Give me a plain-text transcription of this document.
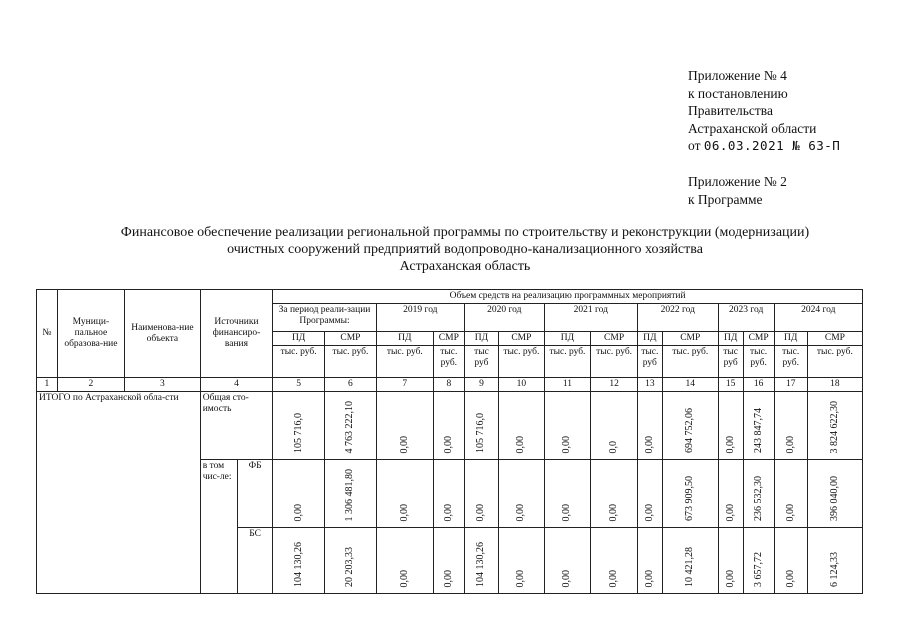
Приложение № 4
к постановлению
Правительства
Астраханской области
от 06.03.2021 № 63-П
Приложение № 2
к Программе
Финансовое обеспечение реализации региональной программы по строительству и реконструкции (модернизации)
очистных сооружений предприятий водопроводно-канализационного хозяйства
Астраханская область
№	Муници-пальное образова-ние	Наименова-ние объекта	Источники финансиро-вания		Объем средств на реализацию программных мероприятий													
					За период реали-зации Программы:		2019 год		2020 год		2021 год		2022 год		2023 год		2024 год	
					ПД	СМР	ПД	СМР	ПД	СМР	ПД	СМР	ПД	СМР	ПД	СМР	ПД	СМР
					тыс. руб.	тыс. руб.	тыс. руб.	тыс. руб.	тыс руб	тыс. руб.	тыс. руб.	тыс. руб.	тыс. руб	тыс. руб.	тыс руб	тыс. руб.	тыс. руб.	тыс. руб.
1	2	3	4		5	6	7	8	9	10	11	12	13	14	15	16	17	18
ИТОГО по Астраханской обла-сти			Общая сто-имость		105 716,0	4 763 222,10	0,00	0,00	105 716,0	0,00	0,00	0,0	0,00	694 752,06	0,00	243 847,74	0,00	3 824 622,30
			в том чис-ле:	ФБ	0,00	1 306 481,80	0,00	0,00	0,00	0,00	0,00	0,00	0,00	673 909,50	0,00	236 532,30	0,00	396 040,00
				БС	104 130,26	20 203,33	0,00	0,00	104 130,26	0,00	0,00	0,00	0,00	10 421,28	0,00	3 657,72	0,00	6 124,33
